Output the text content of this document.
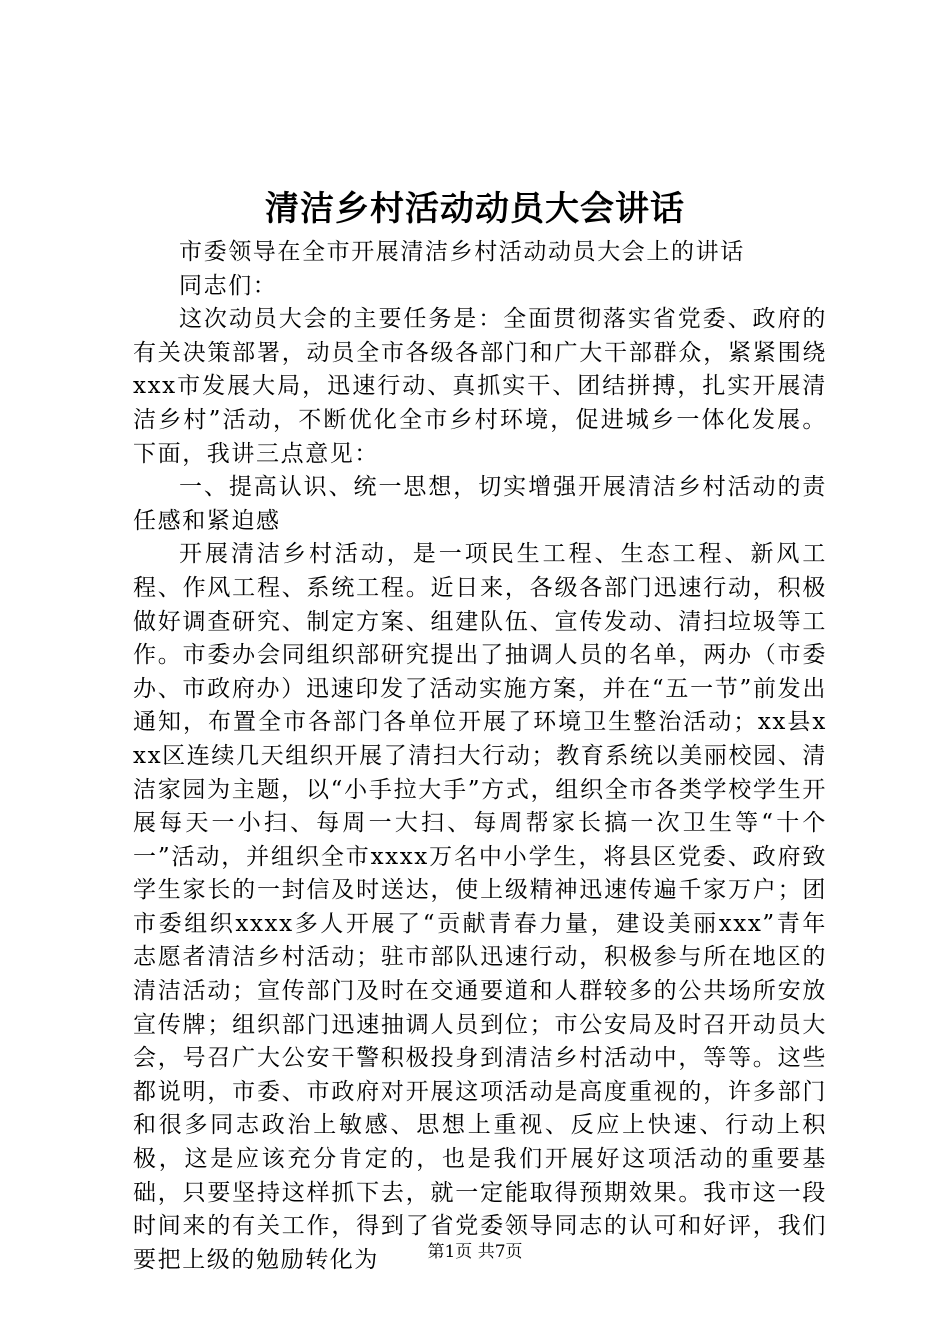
清洁乡村活动动员大会讲话

市委领导在全市开展清洁乡村活动动员大会上的讲话

同志们：

这次动员大会的主要任务是：全面贯彻落实省党委、政府的有关决策部署，动员全市各级各部门和广大干部群众，紧紧围绕xxx市发展大局，迅速行动、真抓实干、团结拼搏，扎实开展清洁乡村”活动，不断优化全市乡村环境，促进城乡一体化发展。下面，我讲三点意见：

一、提高认识、统一思想，切实增强开展清洁乡村活动的责任感和紧迫感

开展清洁乡村活动，是一项民生工程、生态工程、新风工程、作风工程、系统工程。近日来，各级各部门迅速行动，积极做好调查研究、制定方案、组建队伍、宣传发动、清扫垃圾等工作。市委办会同组织部研究提出了抽调人员的名单，两办（市委办、市政府办）迅速印发了活动实施方案，并在“五一节”前发出通知，布置全市各部门各单位开展了环境卫生整治活动；xx县xxx区连续几天组织开展了清扫大行动；教育系统以美丽校园、清洁家园为主题，以“小手拉大手”方式，组织全市各类学校学生开展每天一小扫、每周一大扫、每周帮家长搞一次卫生等“十个一”活动，并组织全市xxxx万名中小学生，将县区党委、政府致学生家长的一封信及时送达，使上级精神迅速传遍千家万户；团市委组织xxxx多人开展了“贡献青春力量，建设美丽xxx”青年志愿者清洁乡村活动；驻市部队迅速行动，积极参与所在地区的清洁活动；宣传部门及时在交通要道和人群较多的公共场所安放宣传牌；组织部门迅速抽调人员到位；市公安局及时召开动员大会，号召广大公安干警积极投身到清洁乡村活动中，等等。这些都说明，市委、市政府对开展这项活动是高度重视的，许多部门和很多同志政治上敏感、思想上重视、反应上快速、行动上积极，这是应该充分肯定的，也是我们开展好这项活动的重要基础，只要坚持这样抓下去，就一定能取得预期效果。我市这一段时间来的有关工作，得到了省党委领导同志的认可和好评，我们要把上级的勉励转化为	第1页 共7页
